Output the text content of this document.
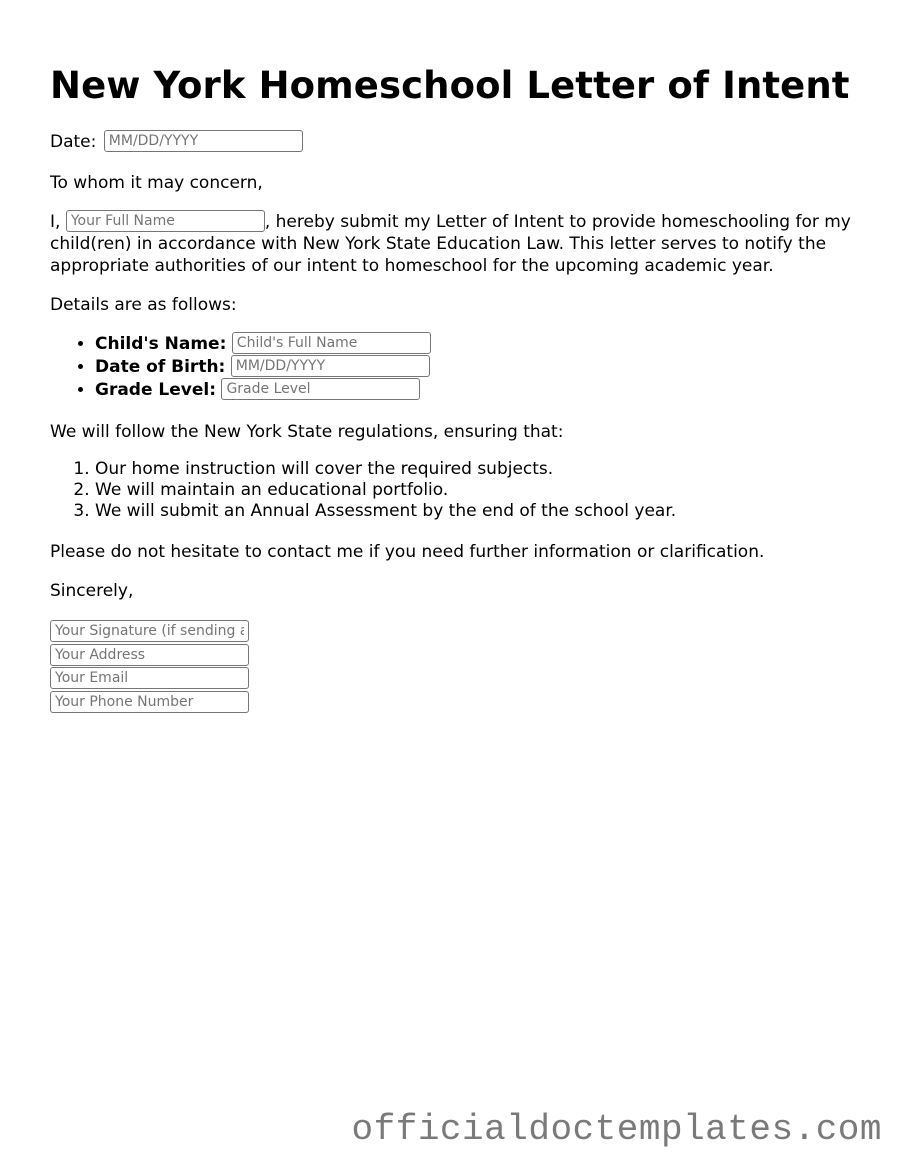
New York Homeschool Letter of Intent
Date: MM/DD/YYYY
To whom it may concern,
I, Your Full Name	, hereby submit my Letter of Intent to provide homeschooling for my child(ren) in accordance with New York State Education Law. This letter serves to notify the appropriate authorities of our intent to homeschool for the upcoming academic year.
Details are as follows:
• Child's Name: Child's Full Name
• Date of Birth: MM/DD/YYYY
• Grade Level: Grade Level
We will follow the New York State regulations, ensuring that:
1. Our home instruction will cover the required subjects.
2. We will maintain an educational portfolio.
3. We will submit an Annual Assessment by the end of the school year.
Please do not hesitate to contact me if you need further information or clarification.
Sincerely,
Your Signature (if sending a
Your Address
Your Email
Your Phone Number
officialdoctemplates.com
